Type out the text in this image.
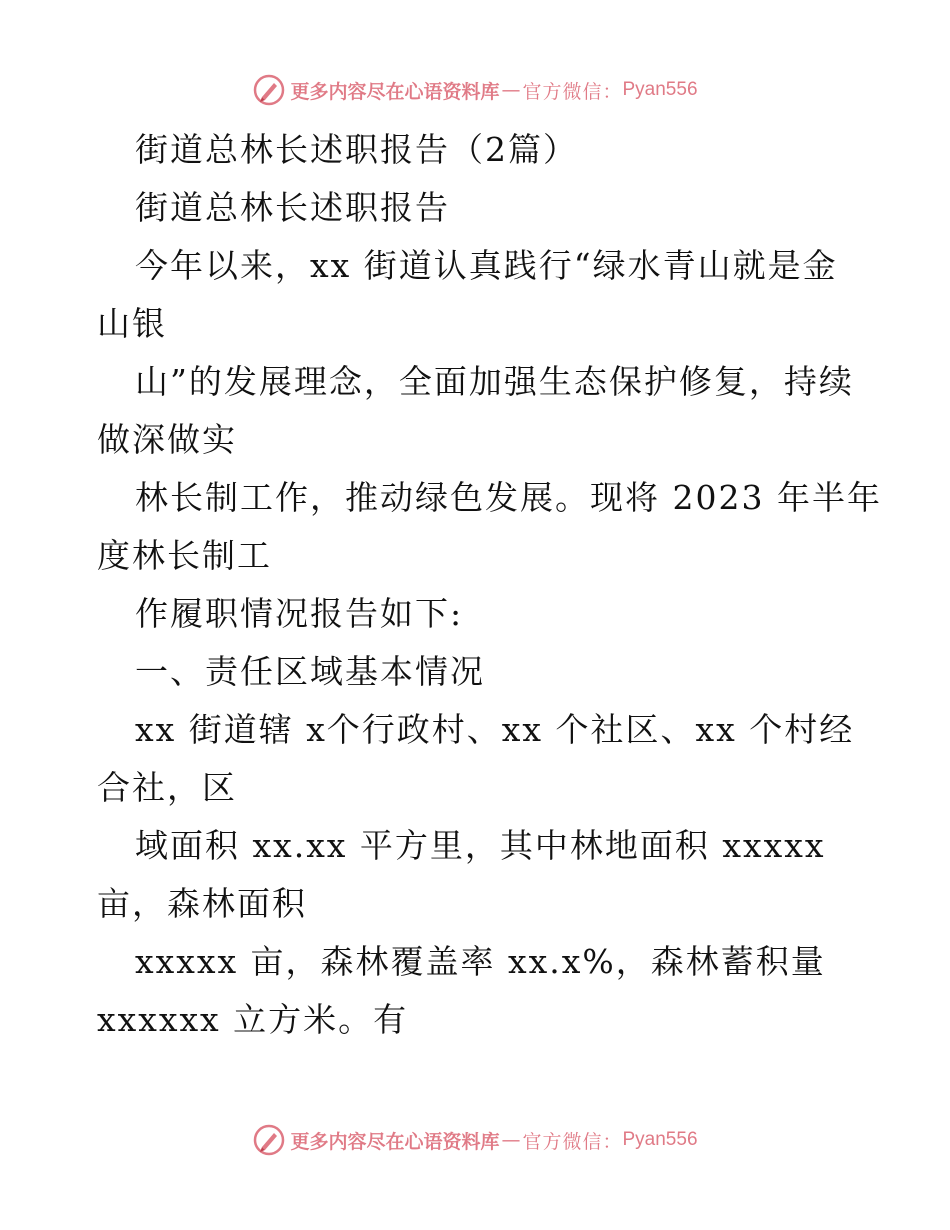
更多内容尽在心语资料库 — 官方微信： Pyan556
街道总林长述职报告（2篇）
街道总林长述职报告
今年以来，xx 街道认真践行“绿水青山就是金
山银
山”的发展理念，全面加强生态保护修复，持续
做深做实
林长制工作，推动绿色发展。现将 2023 年半年
度林长制工
作履职情况报告如下:
一、责任区域基本情况
xx 街道辖 x个行政村、xx 个社区、xx 个村经
合社，区
域面积 xx.xx 平方里，其中林地面积 xxxxx
亩，森林面积
xxxxx 亩，森林覆盖率 xx.x%，森林蓄积量
xxxxxx 立方米。有
更多内容尽在心语资料库 — 官方微信： Pyan556
